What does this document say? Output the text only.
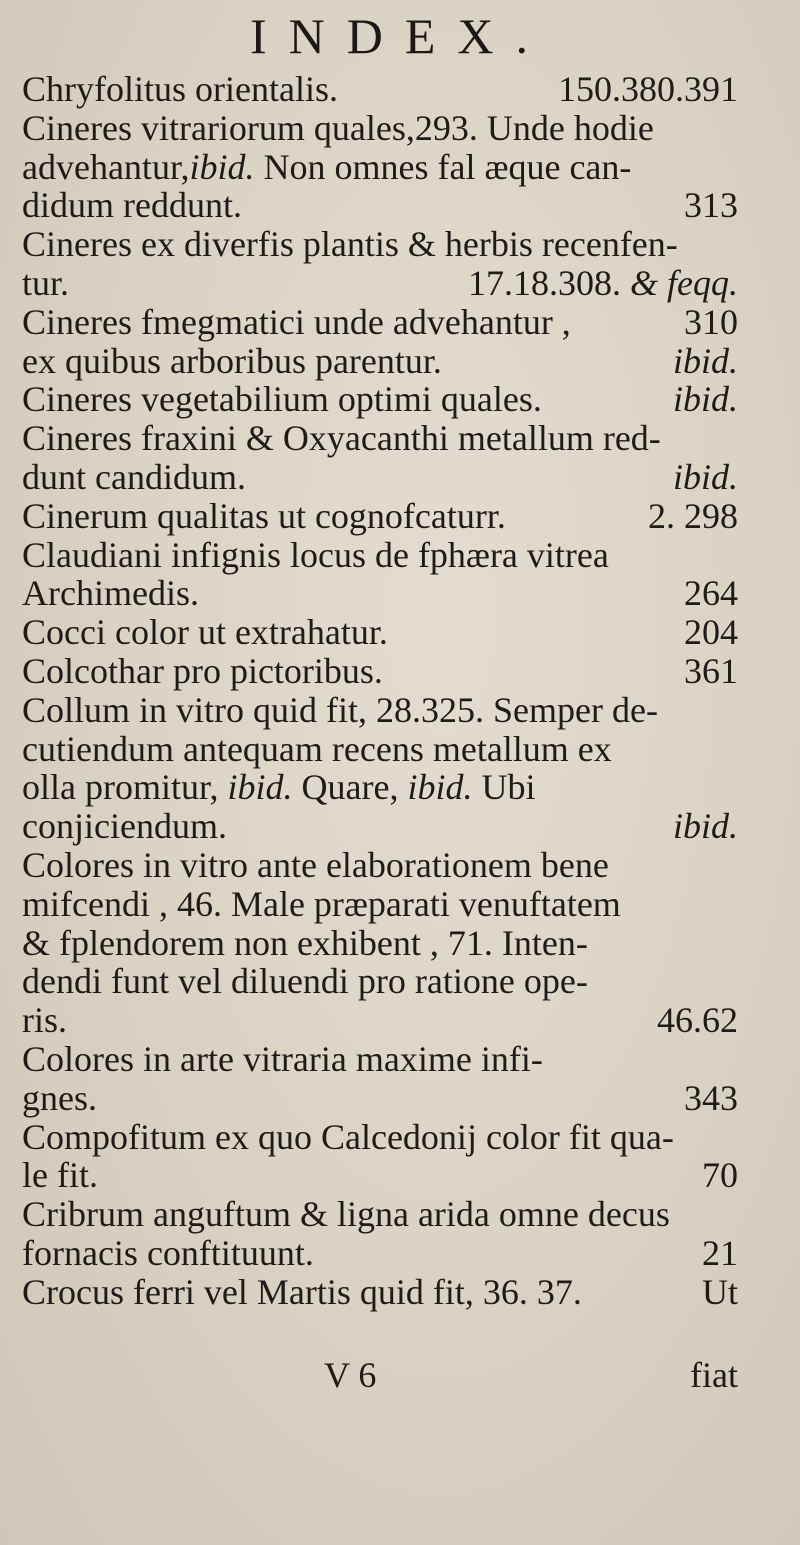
INDEX.
Chryfolitus orientalis.	150.380.391
Cineres vitrariorum quales,293. Unde hodie
advehantur,ibid. Non omnes fal æque can-
didum reddunt.	313
Cineres ex diverfis plantis & herbis recenfen-
tur.	17.18.308. & feqq.
Cineres fmegmatici unde advehantur ,	310
ex quibus arboribus parentur.	ibid.
Cineres vegetabilium optimi quales.	ibid.
Cineres fraxini & Oxyacanthi metallum red-
dunt candidum.	ibid.
Cinerum qualitas ut cognofcaturr.	2. 298
Claudiani infignis locus de fphæra vitrea
Archimedis.	264
Cocci color ut extrahatur.	204
Colcothar pro pictoribus.	361
Collum in vitro quid fit, 28.325. Semper de-
cutiendum antequam recens metallum ex
olla promitur, ibid. Quare, ibid. Ubi
conjiciendum.	ibid.
Colores in vitro ante elaborationem bene
mifcendi , 46. Male præparati venuftatem
& fplendorem non exhibent , 71. Inten-
dendi funt vel diluendi pro ratione ope-
ris.	46.62
Colores in arte vitraria maxime infi-
gnes.	343
Compofitum ex quo Calcedonij color fit qua-
le fit.	70
Cribrum anguftum & ligna arida omne decus
fornacis conftituunt.	21
Crocus ferri vel Martis quid fit, 36. 37.	Ut
V 6	fiat
